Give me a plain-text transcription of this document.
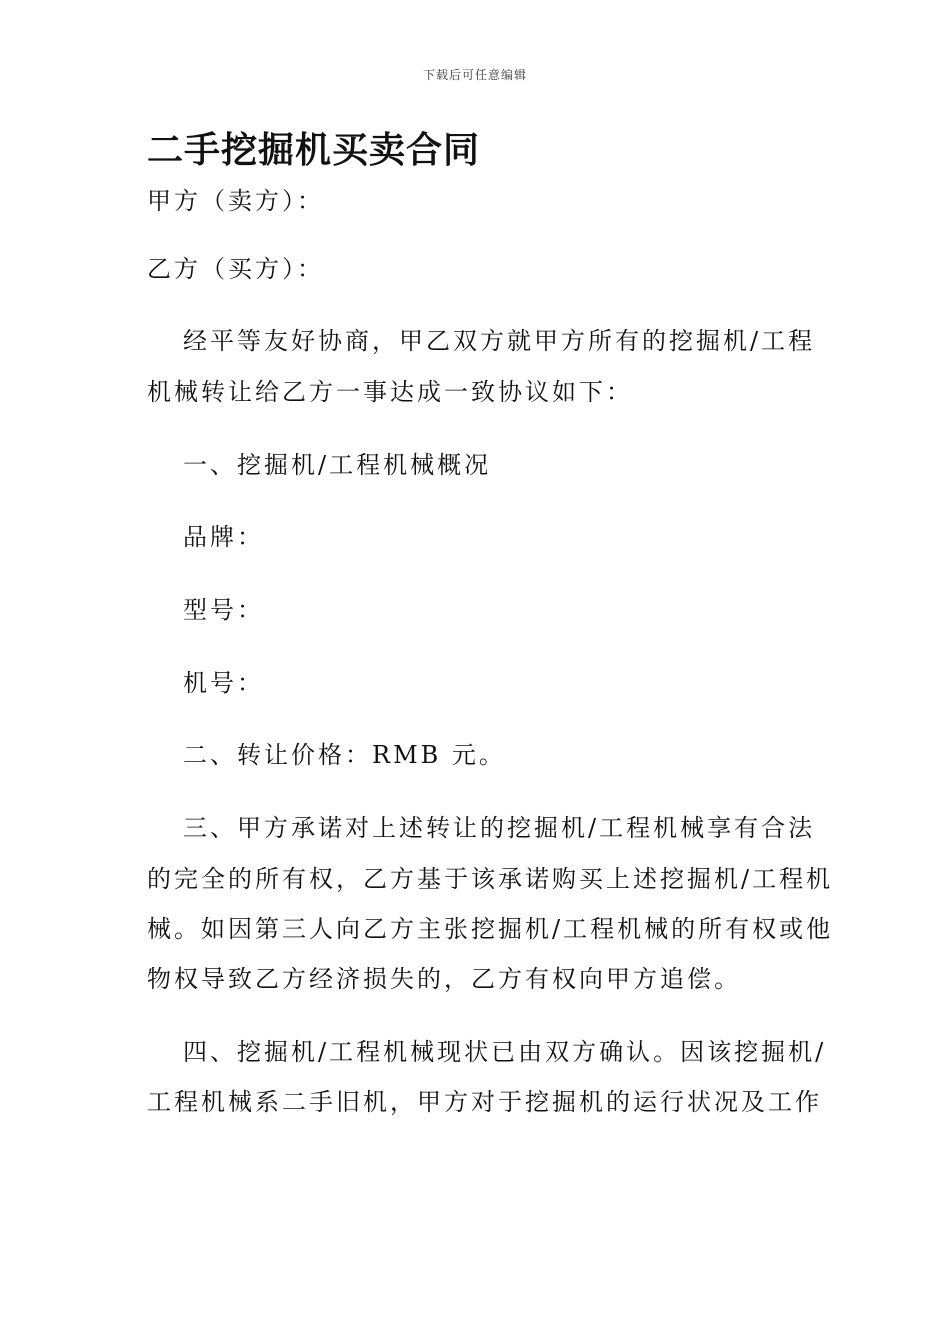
下载后可任意编辑
二手挖掘机买卖合同

甲方（卖方）：

乙方（买方）：

经平等友好协商，甲乙双方就甲方所有的挖掘机/工程

机械转让给乙方一事达成一致协议如下：

一、挖掘机/工程机械概况

品牌：

型号：

机号：

二、转让价格：RMB 元。

三、甲方承诺对上述转让的挖掘机/工程机械享有合法

的完全的所有权，乙方基于该承诺购买上述挖掘机/工程机

械。如因第三人向乙方主张挖掘机/工程机械的所有权或他

物权导致乙方经济损失的，乙方有权向甲方追偿。

四、挖掘机/工程机械现状已由双方确认。因该挖掘机/

工程机械系二手旧机，甲方对于挖掘机的运行状况及工作
